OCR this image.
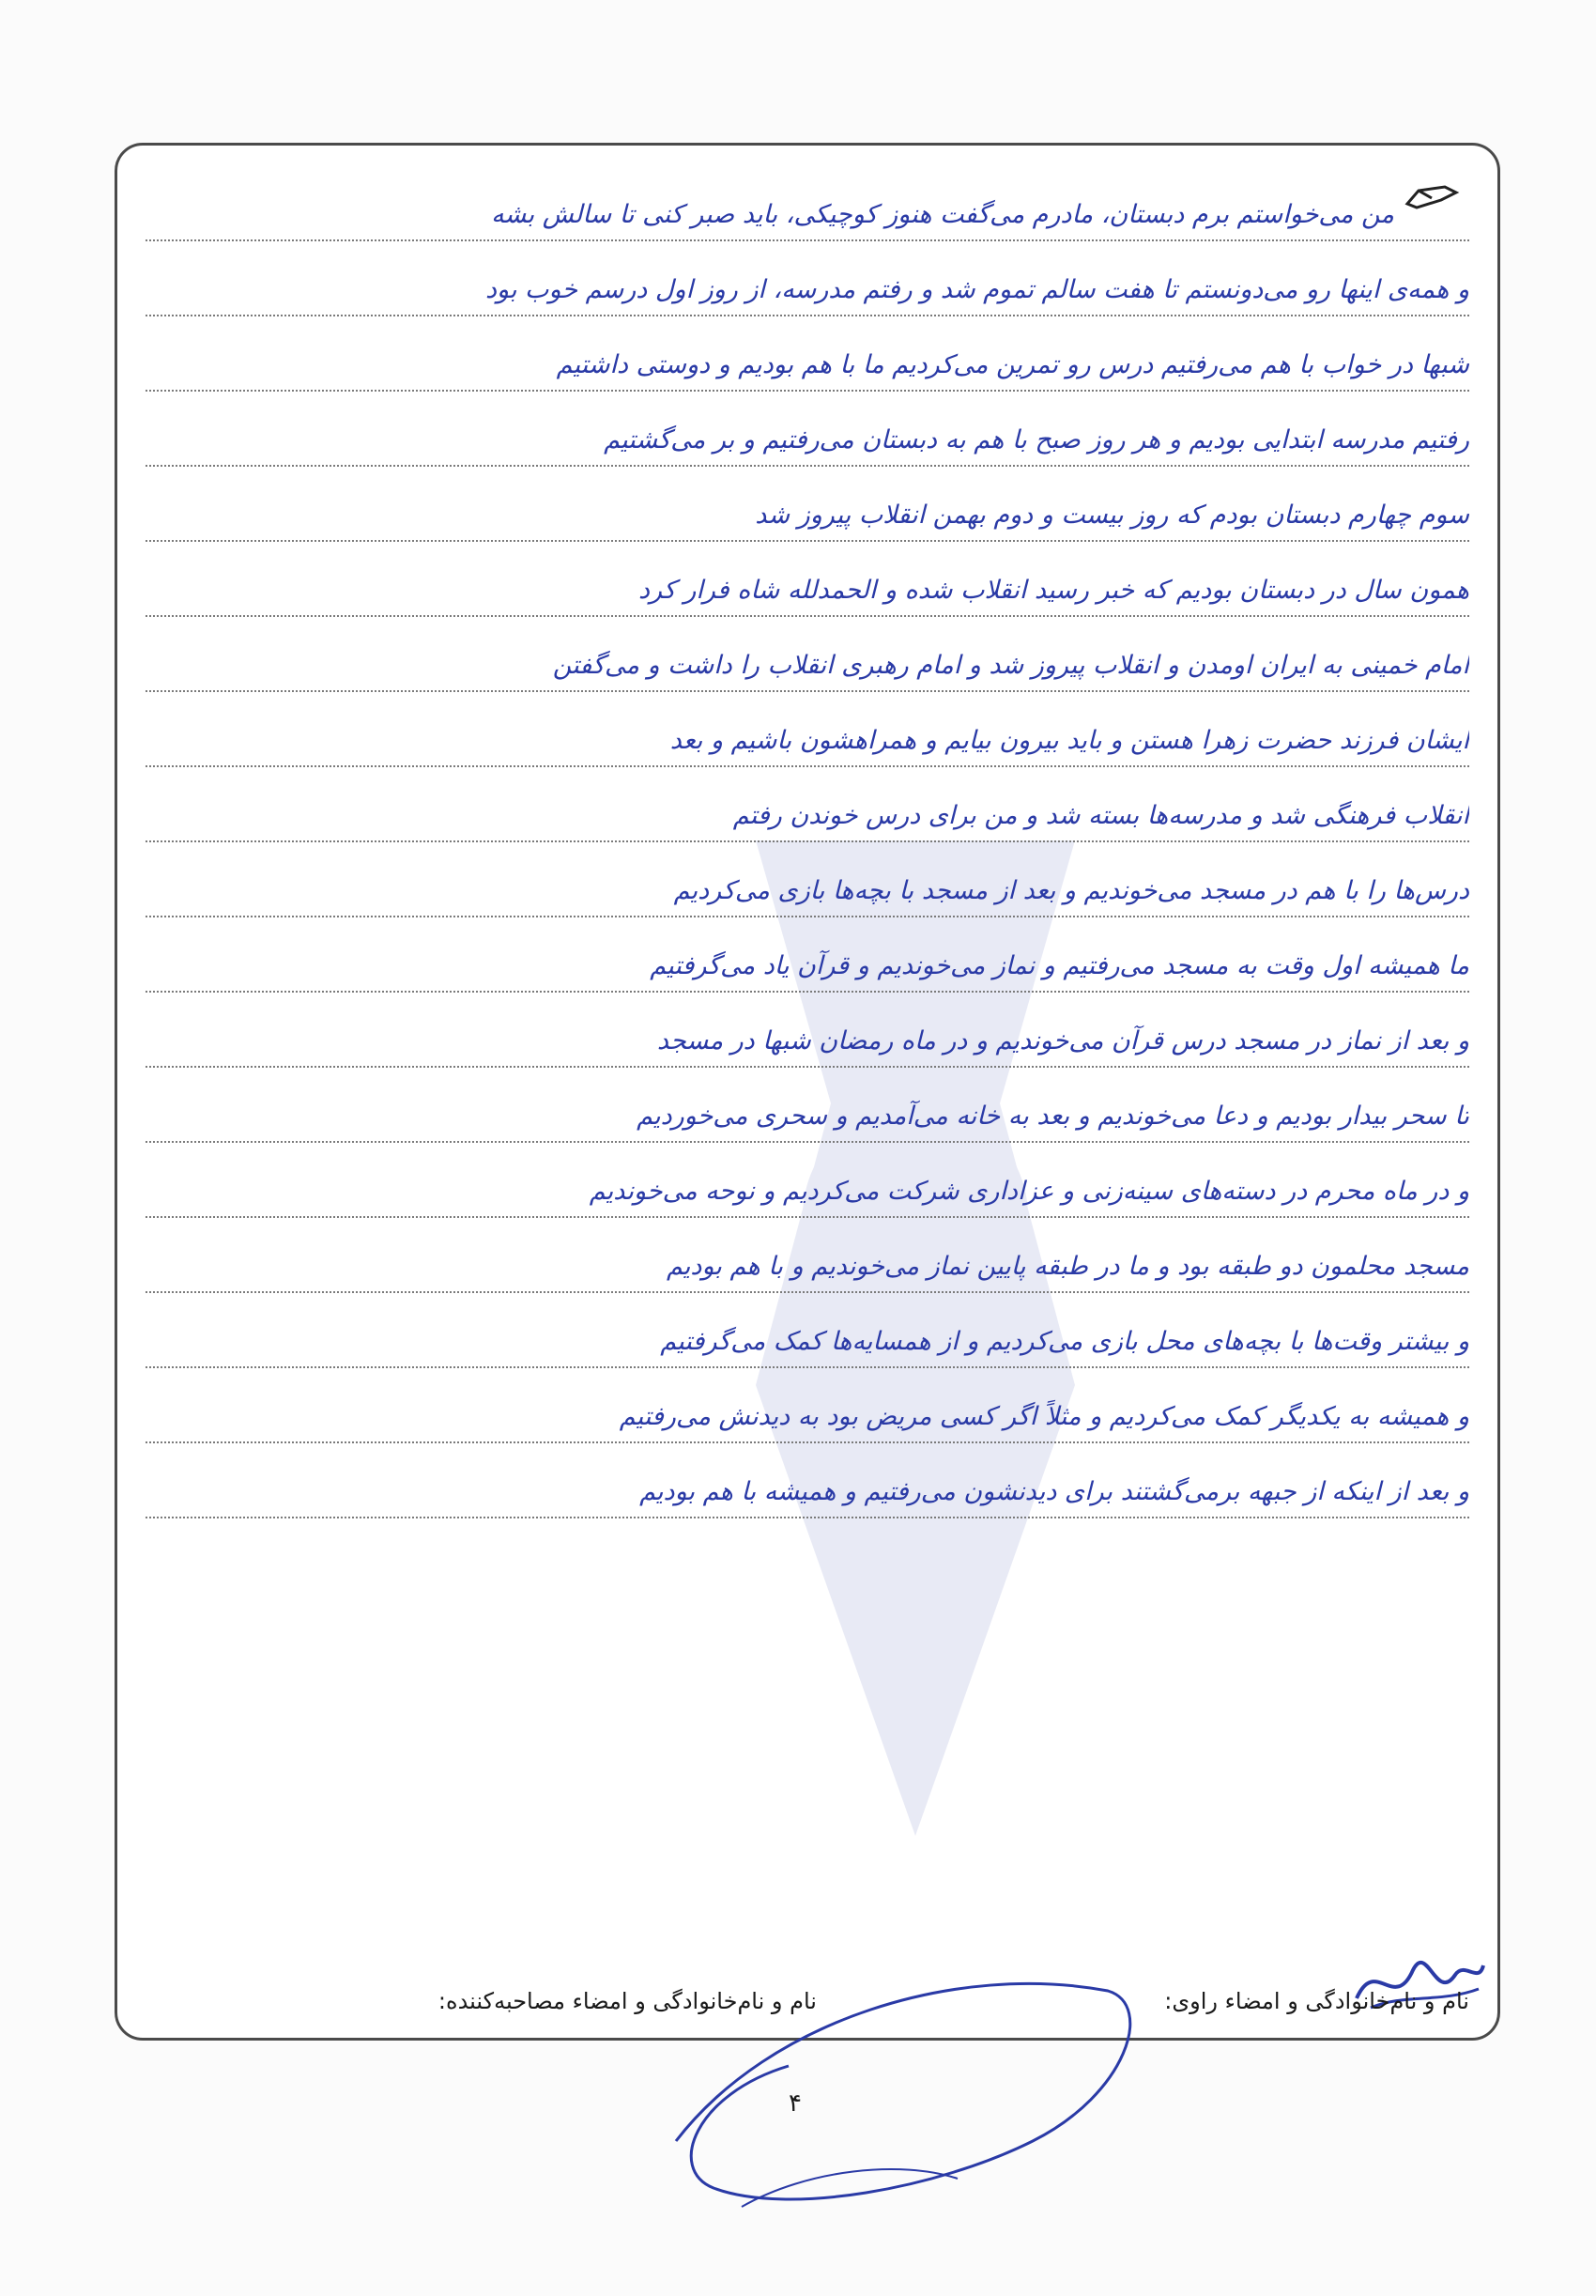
من می‌خواستم برم دبستان، مادرم می‌گفت هنوز کوچیکی، باید صبر کنی تا سالش بشه
و همه‌ی اینها رو می‌دونستم تا هفت سالم تموم شد و رفتم مدرسه، از روز اول درسم خوب بود
شبها در خواب با هم می‌رفتیم درس رو تمرین می‌کردیم ما با هم بودیم و دوستی داشتیم
رفتیم مدرسه ابتدایی بودیم و هر روز صبح با هم به دبستان می‌رفتیم و بر می‌گشتیم
سوم چهارم دبستان بودم که روز بیست و دوم بهمن انقلاب پیروز شد
همون سال در دبستان بودیم که خبر رسید انقلاب شده و الحمدلله شاه فرار کرد
امام خمینی به ایران اومدن و انقلاب پیروز شد و امام رهبری انقلاب را داشت و می‌گفتن
ایشان فرزند حضرت زهرا هستن و باید بیرون بیایم و همراهشون باشیم و بعد
انقلاب فرهنگی شد و مدرسه‌ها بسته شد و من برای درس خوندن رفتم
درس‌ها را با هم در مسجد می‌خوندیم و بعد از مسجد با بچه‌ها بازی می‌کردیم
ما همیشه اول وقت به مسجد می‌رفتیم و نماز می‌خوندیم و قرآن یاد می‌گرفتیم
و بعد از نماز در مسجد درس قرآن می‌خوندیم و در ماه رمضان شبها در مسجد
تا سحر بیدار بودیم و دعا می‌خوندیم و بعد به خانه می‌آمدیم و سحری می‌خوردیم
و در ماه محرم در دسته‌های سینه‌زنی و عزاداری شرکت می‌کردیم و نوحه می‌خوندیم
مسجد محلمون دو طبقه بود و ما در طبقه پایین نماز می‌خوندیم و با هم بودیم
و بیشتر وقت‌ها با بچه‌های محل بازی می‌کردیم و از همسایه‌ها کمک می‌گرفتیم
و همیشه به یکدیگر کمک می‌کردیم و مثلاً اگر کسی مریض بود به دیدنش می‌رفتیم
و بعد از اینکه از جبهه برمی‌گشتند برای دیدنشون می‌رفتیم و همیشه با هم بودیم
نام و نام‌خانوادگی و امضاء راوی:
نام و نام‌خانوادگی و امضاء مصاحبه‌کننده:
۴
